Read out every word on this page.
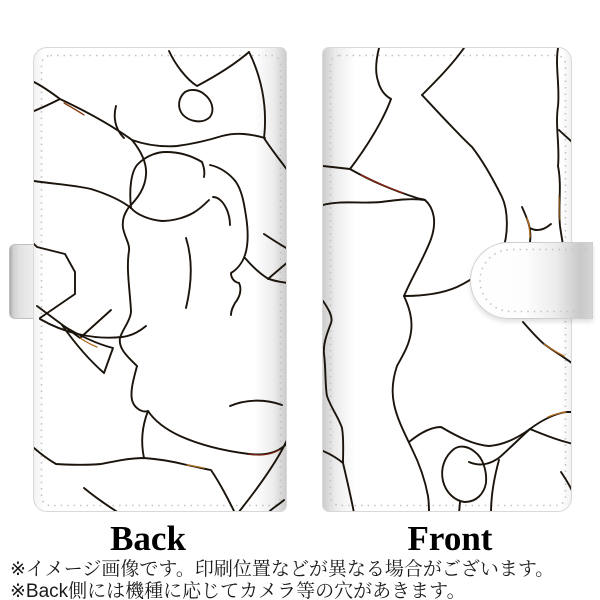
Back	Front
※イメージ画像です。印刷位置などが異なる場合がございます。
※Back側には機種に応じてカメラ等の穴があきます。
